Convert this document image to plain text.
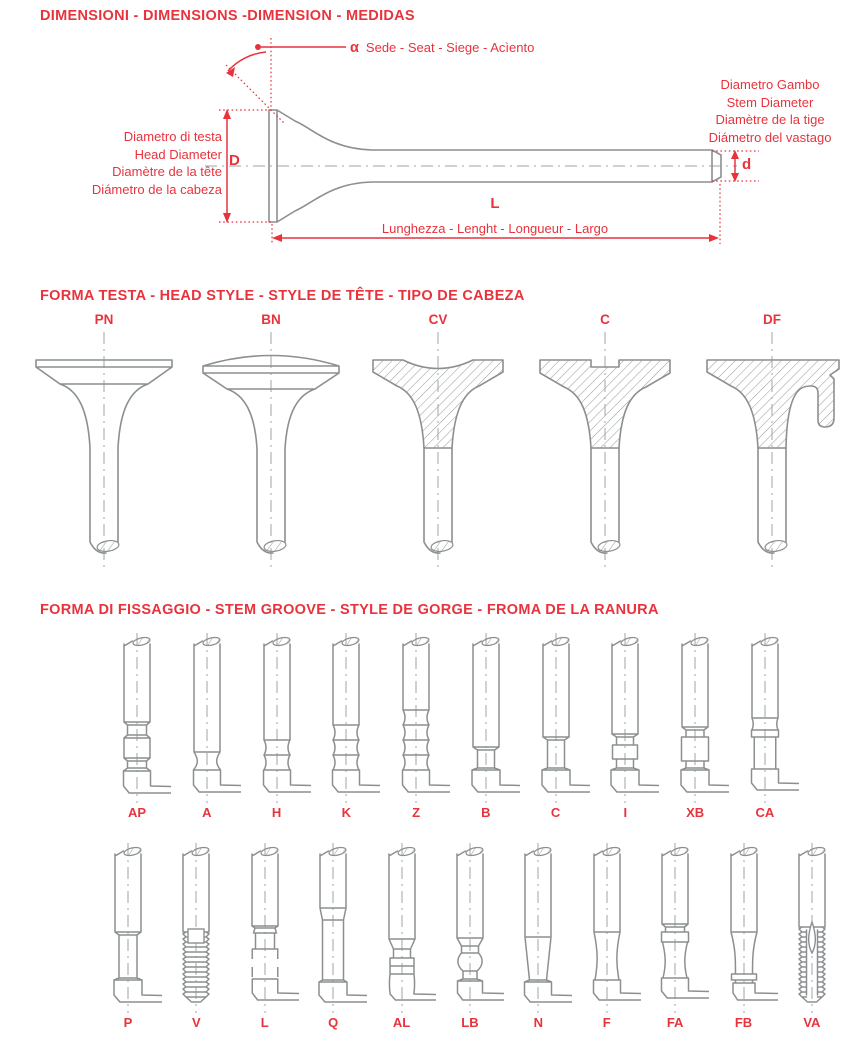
DIMENSIONI - DIMENSIONS -DIMENSION - MEDIDAS
α Sede - Seat - Siege - Acìento
Diametro di testa
Head Diameter
Diamètre de la tête
Diámetro de la cabeza
Diametro Gambo
Stem Diameter
Diamètre de la tige
Diámetro del vastago
D	d
L
Lunghezza - Lenght - Longueur - Largo
FORMA TESTA - HEAD STYLE - STYLE DE TÊTE - TIPO DE CABEZA
PN	BN	CV	C	DF
FORMA DI FISSAGGIO - STEM GROOVE - STYLE DE GORGE - FROMA DE LA RANURA
AP	A	H	K	Z	B	C	I	XB	CA
P	V	L	Q	AL	LB	N	F	FA	FB	VA
